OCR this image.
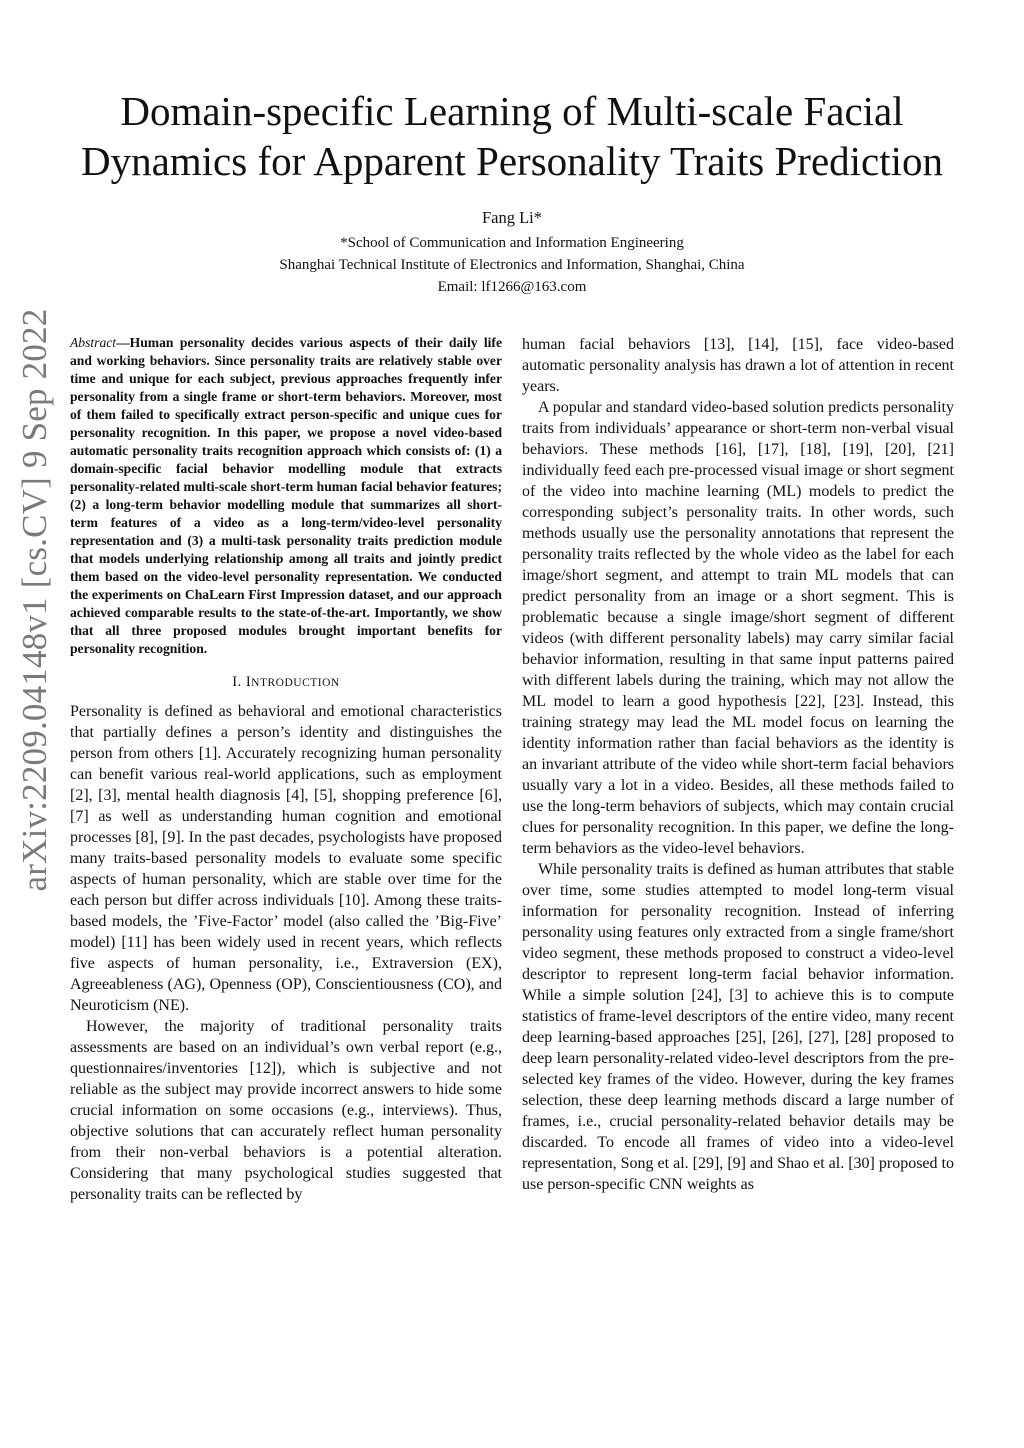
arXiv:2209.04148v1 [cs.CV] 9 Sep 2022
Domain-specific Learning of Multi-scale Facial Dynamics for Apparent Personality Traits Prediction
Fang Li*
*School of Communication and Information Engineering
Shanghai Technical Institute of Electronics and Information, Shanghai, China
Email: lf1266@163.com

Abstract—Human personality decides various aspects of their daily life and working behaviors. Since personality traits are relatively stable over time and unique for each subject, previous approaches frequently infer personality from a single frame or short-term behaviors. Moreover, most of them failed to specifically extract person-specific and unique cues for personality recognition. In this paper, we propose a novel video-based automatic personality traits recognition approach which consists of: (1) a domain-specific facial behavior modelling module that extracts personality-related multi-scale short-term human facial behavior features; (2) a long-term behavior modelling module that summarizes all short-term features of a video as a long-term/video-level personality representation and (3) a multi-task personality traits prediction module that models underlying relationship among all traits and jointly predict them based on the video-level personality representation. We conducted the experiments on ChaLearn First Impression dataset, and our approach achieved comparable results to the state-of-the-art. Importantly, we show that all three proposed modules brought important benefits for personality recognition.

I. INTRODUCTION

Personality is defined as behavioral and emotional characteristics that partially defines a person’s identity and distinguishes the person from others [1]. Accurately recognizing human personality can benefit various real-world applications, such as employment [2], [3], mental health diagnosis [4], [5], shopping preference [6], [7] as well as understanding human cognition and emotional processes [8], [9]. In the past decades, psychologists have proposed many traits-based personality models to evaluate some specific aspects of human personality, which are stable over time for the each person but differ across individuals [10]. Among these traits-based models, the ’Five-Factor’ model (also called the ’Big-Five’ model) [11] has been widely used in recent years, which reflects five aspects of human personality, i.e., Extraversion (EX), Agreeableness (AG), Openness (OP), Conscientiousness (CO), and Neuroticism (NE).

However, the majority of traditional personality traits assessments are based on an individual’s own verbal report (e.g., questionnaires/inventories [12]), which is subjective and not reliable as the subject may provide incorrect answers to hide some crucial information on some occasions (e.g., interviews). Thus, objective solutions that can accurately reflect human personality from their non-verbal behaviors is a potential alteration. Considering that many psychological studies suggested that personality traits can be reflected by

human facial behaviors [13], [14], [15], face video-based automatic personality analysis has drawn a lot of attention in recent years.

A popular and standard video-based solution predicts personality traits from individuals’ appearance or short-term non-verbal visual behaviors. These methods [16], [17], [18], [19], [20], [21] individually feed each pre-processed visual image or short segment of the video into machine learning (ML) models to predict the corresponding subject’s personality traits. In other words, such methods usually use the personality annotations that represent the personality traits reflected by the whole video as the label for each image/short segment, and attempt to train ML models that can predict personality from an image or a short segment. This is problematic because a single image/short segment of different videos (with different personality labels) may carry similar facial behavior information, resulting in that same input patterns paired with different labels during the training, which may not allow the ML model to learn a good hypothesis [22], [23]. Instead, this training strategy may lead the ML model focus on learning the identity information rather than facial behaviors as the identity is an invariant attribute of the video while short-term facial behaviors usually vary a lot in a video. Besides, all these methods failed to use the long-term behaviors of subjects, which may contain crucial clues for personality recognition. In this paper, we define the long-term behaviors as the video-level behaviors.

While personality traits is defined as human attributes that stable over time, some studies attempted to model long-term visual information for personality recognition. Instead of inferring personality using features only extracted from a single frame/short video segment, these methods proposed to construct a video-level descriptor to represent long-term facial behavior information. While a simple solution [24], [3] to achieve this is to compute statistics of frame-level descriptors of the entire video, many recent deep learning-based approaches [25], [26], [27], [28] proposed to deep learn personality-related video-level descriptors from the pre-selected key frames of the video. However, during the key frames selection, these deep learning methods discard a large number of frames, i.e., crucial personality-related behavior details may be discarded. To encode all frames of video into a video-level representation, Song et al. [29], [9] and Shao et al. [30] proposed to use person-specific CNN weights as
